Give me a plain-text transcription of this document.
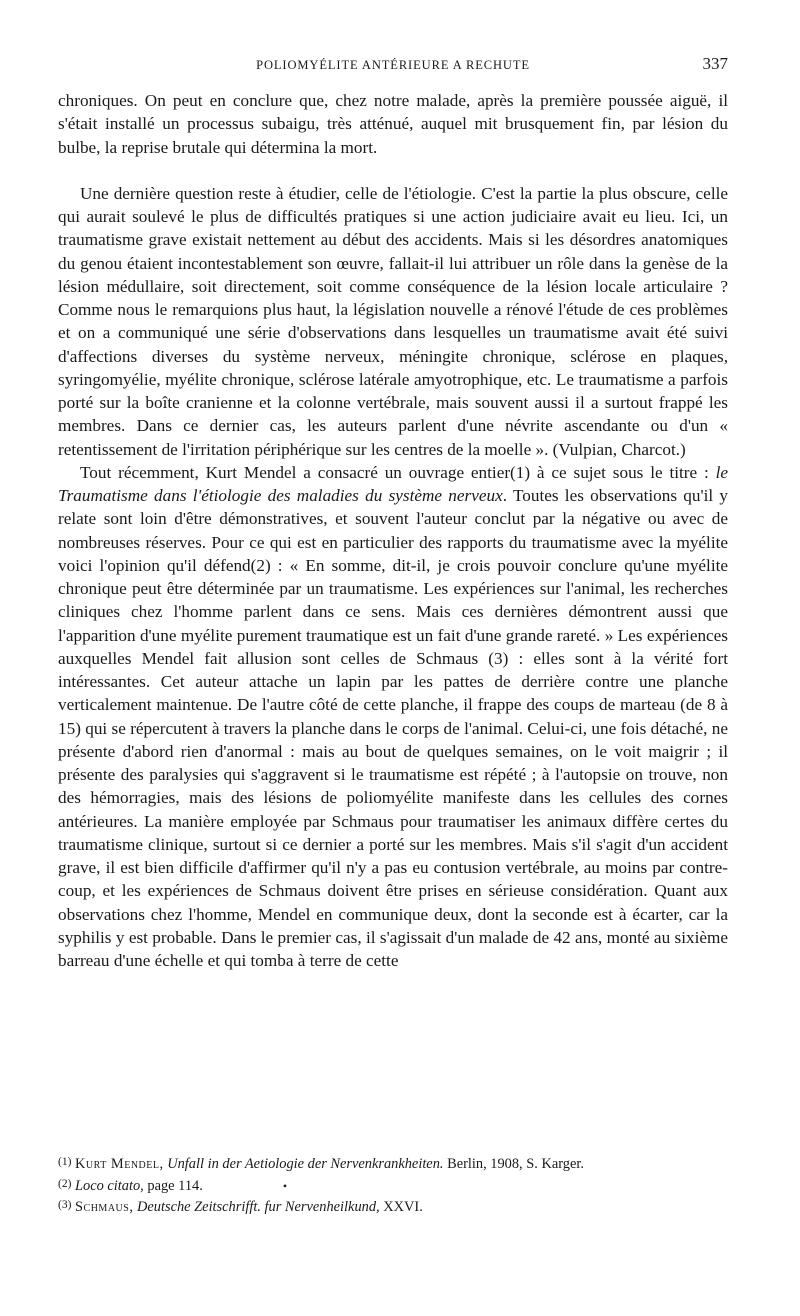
POLIOMYÉLITE ANTÉRIEURE A RECHUTE	337

chroniques. On peut en conclure que, chez notre malade, après la première poussée aiguë, il s'était installé un processus subaigu, très atténué, auquel mit brusquement fin, par lésion du bulbe, la reprise brutale qui détermina la mort.

Une dernière question reste à étudier, celle de l'étiologie. C'est la partie la plus obscure, celle qui aurait soulevé le plus de difficultés pratiques si une action judiciaire avait eu lieu. Ici, un traumatisme grave existait nettement au début des accidents. Mais si les désordres anatomiques du genou étaient incontestablement son œuvre, fallait-il lui attribuer un rôle dans la genèse de la lésion médullaire, soit directement, soit comme conséquence de la lésion locale articulaire ? Comme nous le remarquions plus haut, la législation nouvelle a rénové l'étude de ces problèmes et on a communiqué une série d'observations dans lesquelles un traumatisme avait été suivi d'affections diverses du système nerveux, méningite chronique, sclérose en plaques, syringomyélie, myélite chronique, sclérose latérale amyotrophique, etc. Le traumatisme a parfois porté sur la boîte cranienne et la colonne vertébrale, mais souvent aussi il a surtout frappé les membres. Dans ce dernier cas, les auteurs parlent d'une névrite ascendante ou d'un « retentissement de l'irritation périphérique sur les centres de la moelle ». (Vulpian, Charcot.)

Tout récemment, Kurt Mendel a consacré un ouvrage entier(1) à ce sujet sous le titre : le Traumatisme dans l'étiologie des maladies du système nerveux. Toutes les observations qu'il y relate sont loin d'être démonstratives, et souvent l'auteur conclut par la négative ou avec de nombreuses réserves. Pour ce qui est en particulier des rapports du traumatisme avec la myélite voici l'opinion qu'il défend(2) : « En somme, dit-il, je crois pouvoir conclure qu'une myélite chronique peut être déterminée par un traumatisme. Les expériences sur l'animal, les recherches cliniques chez l'homme parlent dans ce sens. Mais ces dernières démontrent aussi que l'apparition d'une myélite purement traumatique est un fait d'une grande rareté. » Les expériences auxquelles Mendel fait allusion sont celles de Schmaus (3) : elles sont à la vérité fort intéressantes. Cet auteur attache un lapin par les pattes de derrière contre une planche verticalement maintenue. De l'autre côté de cette planche, il frappe des coups de marteau (de 8 à 15) qui se répercutent à travers la planche dans le corps de l'animal. Celui-ci, une fois détaché, ne présente d'abord rien d'anormal : mais au bout de quelques semaines, on le voit maigrir ; il présente des paralysies qui s'aggravent si le traumatisme est répété ; à l'autopsie on trouve, non des hémorragies, mais des lésions de poliomyélite manifeste dans les cellules des cornes antérieures. La manière employée par Schmaus pour traumatiser les animaux diffère certes du traumatisme clinique, surtout si ce dernier a porté sur les membres. Mais s'il s'agit d'un accident grave, il est bien difficile d'affirmer qu'il n'y a pas eu contusion vertébrale, au moins par contre-coup, et les expériences de Schmaus doivent être prises en sérieuse considération. Quant aux observations chez l'homme, Mendel en communique deux, dont la seconde est à écarter, car la syphilis y est probable. Dans le premier cas, il s'agissait d'un malade de 42 ans, monté au sixième barreau d'une échelle et qui tomba à terre de cette

$^{(1)}$ Kurt Mendel, Unfall in der Aetiologie der Nervenkrankheiten. Berlin, 1908, S. Karger.

$^{(2)}$ Loco citato, page 114.	•

$^{(3)}$ Schmaus, Deutsche Zeitschrifft. fur Nervenheilkund, XXVI.
